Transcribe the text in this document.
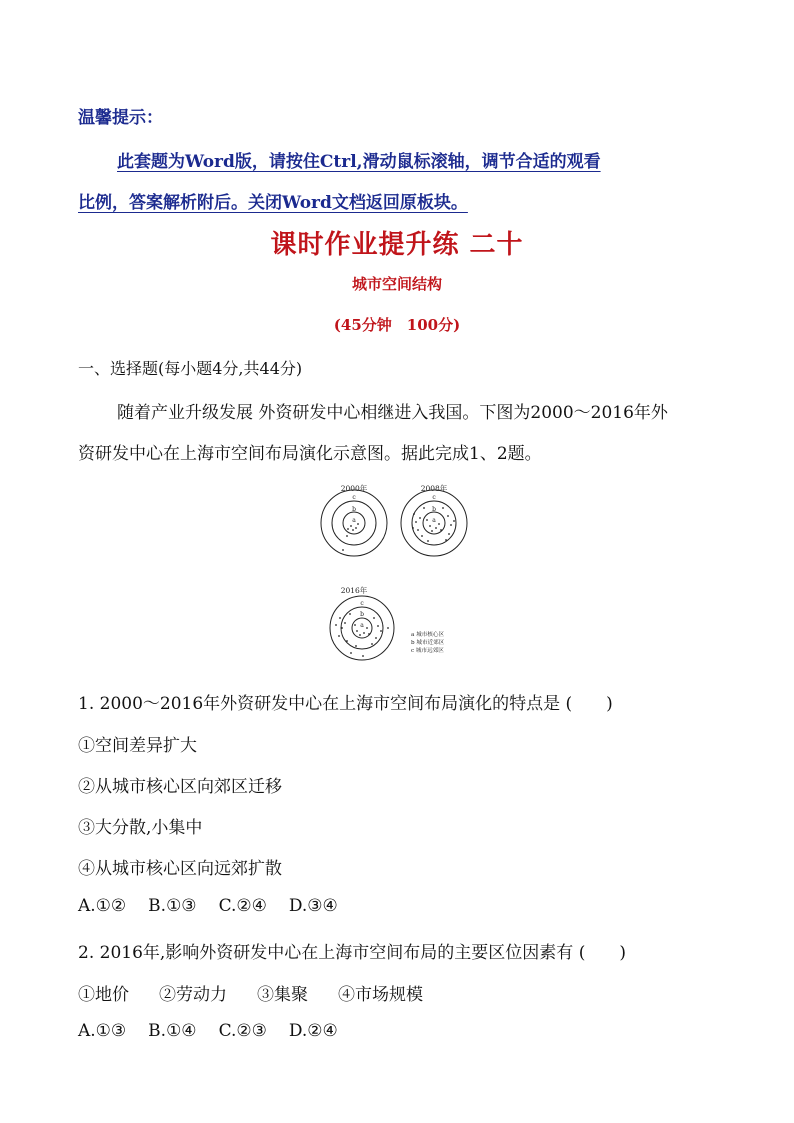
温馨提示：

此套题为Word版，请按住Ctrl,滑动鼠标滚轴，调节合适的观看

比例，答案解析附后。关闭Word文档返回原板块。

课时作业提升练 二十

城市空间结构

(45分钟　100分)

一、选择题(每小题4分,共44分)

随着产业升级发展 外资研发中心相继进入我国。下图为2000～2016年外

资研发中心在上海市空间布局演化示意图。据此完成1、2题。

2000年
c
b
a
2008年
c
b
a
2016年
c
b
a
a 城市核心区
b 城市近郊区
c 城市远郊区

1. 2000～2016年外资研发中心在上海市空间布局演化的特点是 (　　)

①空间差异扩大

②从城市核心区向郊区迁移

③大分散,小集中

④从城市核心区向远郊扩散

A.①② B.①③ C.②④ D.③④

2. 2016年,影响外资研发中心在上海市空间布局的主要区位因素有 (　　)

①地价 ②劳动力 ③集聚 ④市场规模

A.①③ B.①④ C.②③ D.②④
